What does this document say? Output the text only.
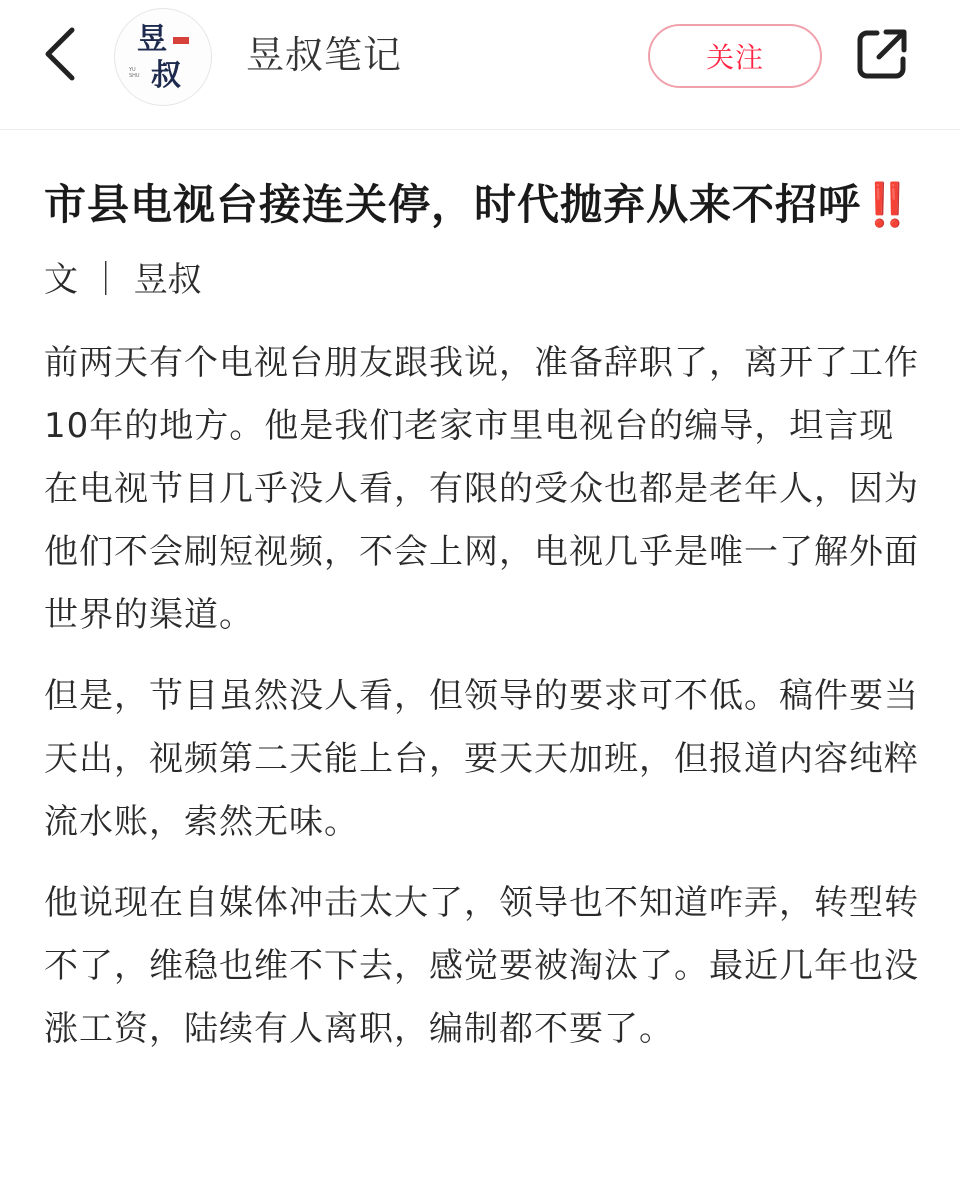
昱
叔
YU
SHU	昱叔笔记	关注
市县电视台接连关停，时代抛弃从来不招呼‼️
文 ｜ 昱叔

前两天有个电视台朋友跟我说，准备辞职了，离开了工作10年的地方。他是我们老家市里电视台的编导，坦言现在电视节目几乎没人看，有限的受众也都是老年人，因为他们不会刷短视频，不会上网，电视几乎是唯一了解外面世界的渠道。

但是，节目虽然没人看，但领导的要求可不低。稿件要当天出，视频第二天能上台，要天天加班，但报道内容纯粹流水账，索然无味。

他说现在自媒体冲击太大了，领导也不知道咋弄，转型转不了，维稳也维不下去，感觉要被淘汰了。最近几年也没涨工资，陆续有人离职，编制都不要了。
